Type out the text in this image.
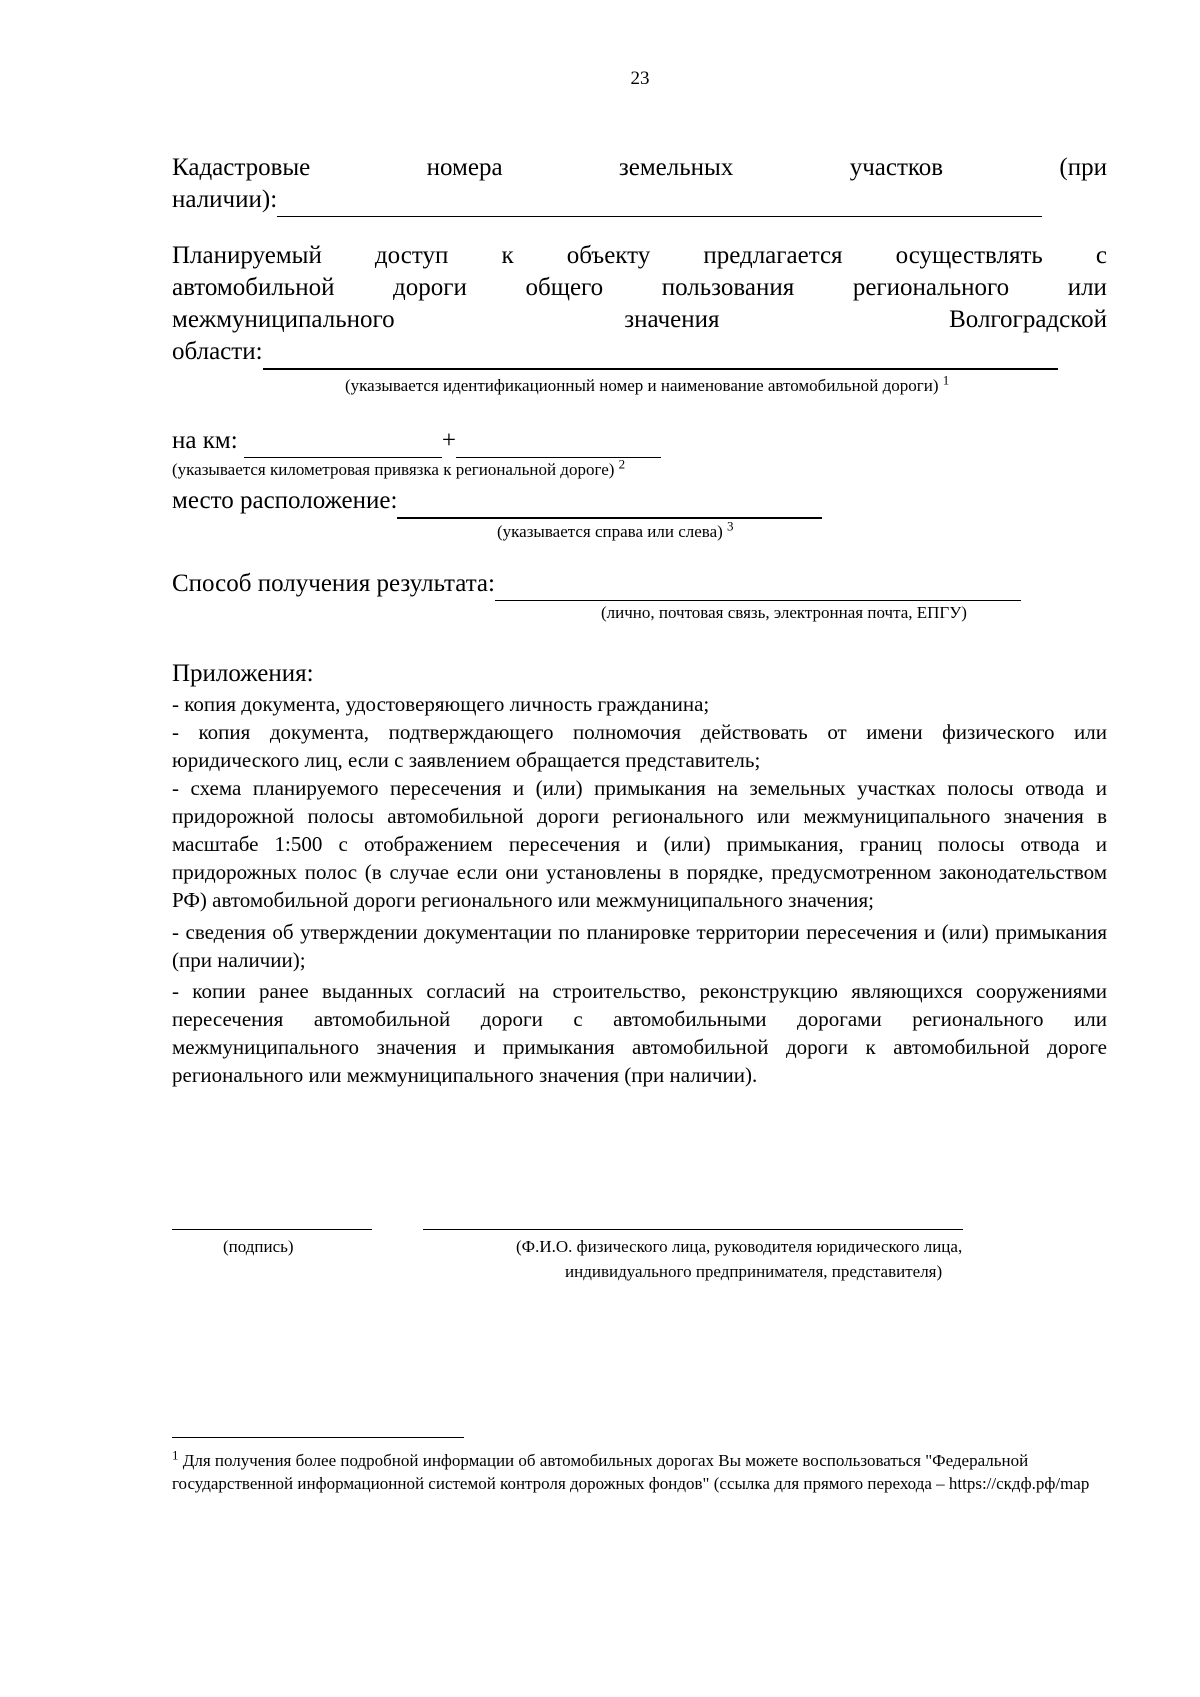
23
Кадастровые	номера	земельных	участков	(при
наличии):
Планируемый доступ к объекту предлагается осуществлять с
автомобильной дороги общего пользования регионального или
межмуниципального	значения	Волгоградской
области:
(указывается идентификационный номер и наименование автомобильной дороги) $^1$
на км:	+
(указывается километровая привязка к региональной дороге) $^2$
место расположение:
(указывается справа или слева) $^3$
Способ получения результата:
(лично, почтовая связь, электронная почта, ЕПГУ)
Приложения:

- копия документа, удостоверяющего личность гражданина;

- копия документа, подтверждающего полномочия действовать от имени физического или юридического лиц, если с заявлением обращается представитель;

- схема планируемого пересечения и (или) примыкания на земельных участках полосы отвода и придорожной полосы автомобильной дороги регионального или межмуниципального значения в масштабе 1:500 с отображением пересечения и (или) примыкания, границ полосы отвода и придорожных полос (в случае если они установлены в порядке, предусмотренном законодательством РФ) автомобильной дороги регионального или межмуниципального значения;

- сведения об утверждении документации по планировке территории пересечения и (или) примыкания (при наличии);

- копии ранее выданных согласий на строительство, реконструкцию являющихся сооружениями пересечения автомобильной дороги с автомобильными дорогами регионального или межмуниципального значения и примыкания автомобильной дороги к автомобильной дороге регионального или межмуниципального значения (при наличии).

(подпись)	(Ф.И.О. физического лица, руководителя юридического лица,
индивидуального предпринимателя, представителя)
$^1$ Для получения более подробной информации об автомобильных дорогах Вы можете воспользоваться "Федеральной государственной информационной системой контроля дорожных фондов" (ссылка для прямого перехода – https://скдф.рф/map
